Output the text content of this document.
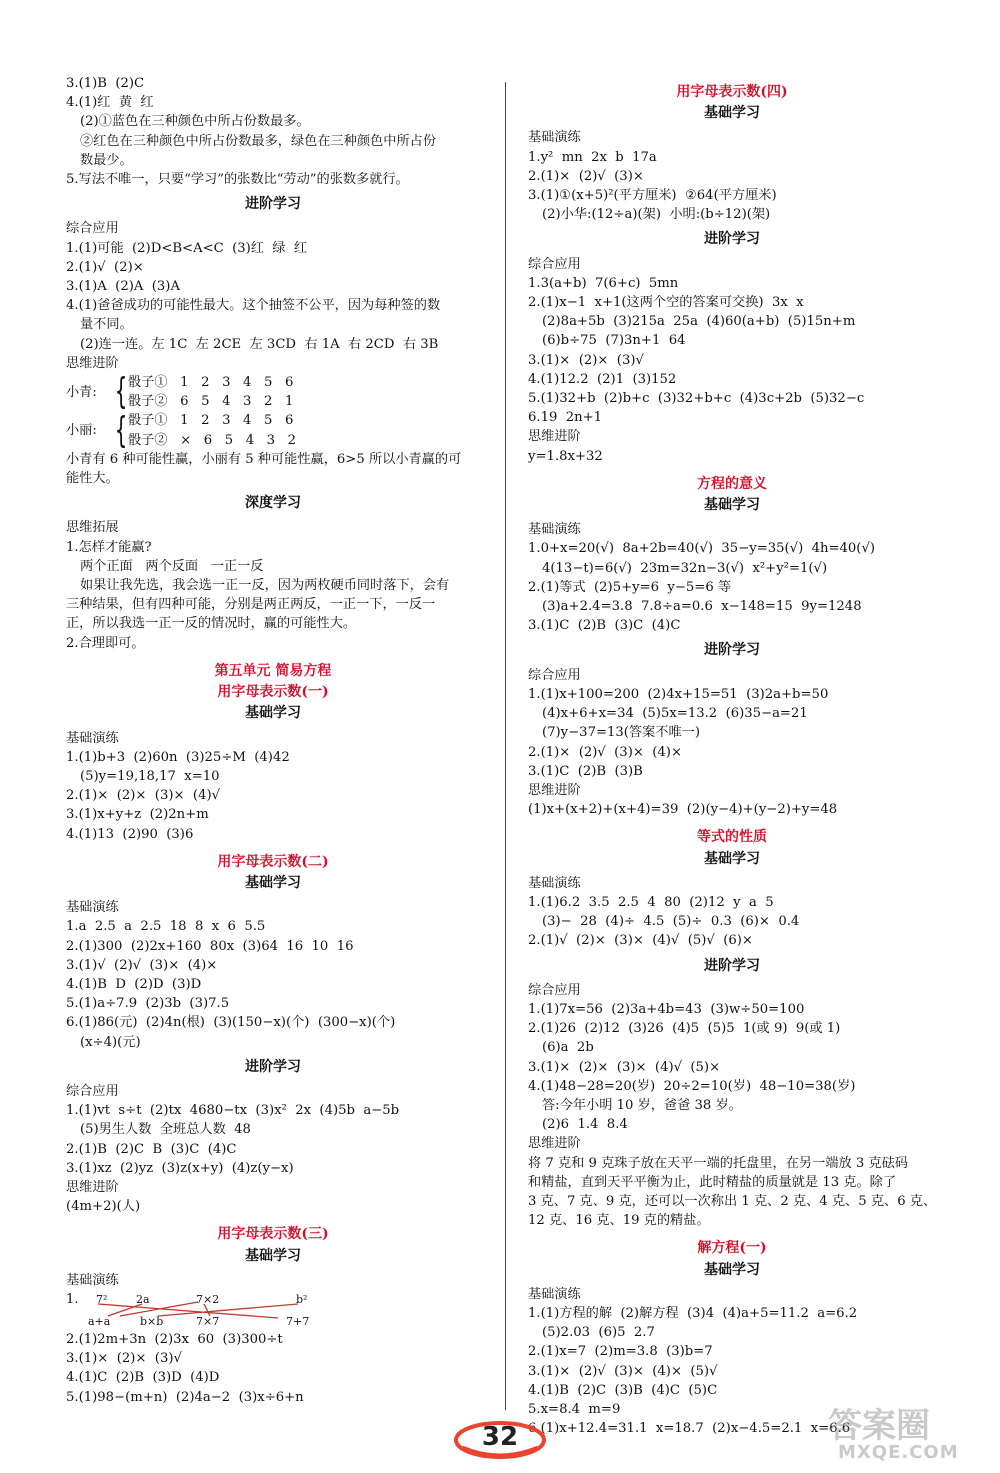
3.(1)B  (2)C
4.(1)红  黄  红
(2)①蓝色在三种颜色中所占份数最多。
②红色在三种颜色中所占份数最多，绿色在三种颜色中所占份
数最少。
5.写法不唯一，只要“学习”的张数比“劳动”的张数多就行。
进阶学习
综合应用
1.(1)可能  (2)D<B<A<C  (3)红  绿  红
2.(1)√  (2)×
3.(1)A  (2)A  (3)A
4.(1)爸爸成功的可能性最大。这个抽签不公平，因为每种签的数
量不同。
(2)连一连。左 1C  左 2CE  左 3CD  右 1A  右 2CD  右 3B
思维进阶
小青: { 骰子①   1   2   3   4   5   6
骰子②   6   5   4   3   2   1
小丽: { 骰子①   1   2   3   4   5   6
骰子②   ×   6   5   4   3   2
小青有 6 种可能性赢，小丽有 5 种可能性赢，6>5 所以小青赢的可
能性大。
深度学习
思维拓展
1.怎样才能赢?
两个正面   两个反面   一正一反
如果让我先选，我会选一正一反，因为两枚硬币同时落下，会有
三种结果，但有四种可能，分别是两正两反，一正一下，一反一
正，所以我选一正一反的情况时，赢的可能性大。
2.合理即可。
第五单元 简易方程
用字母表示数(一)
基础学习
基础演练
1.(1)b+3  (2)60n  (3)25÷M  (4)42
(5)y=19,18,17  x=10
2.(1)×  (2)×  (3)×  (4)√
3.(1)x+y+z  (2)2n+m
4.(1)13  (2)90  (3)6
用字母表示数(二)
基础学习
基础演练
1.a  2.5  a  2.5  18  8  x  6  5.5
2.(1)300  (2)2x+160  80x  (3)64  16  10  16
3.(1)√  (2)√  (3)×  (4)×
4.(1)B  D  (2)D  (3)D
5.(1)a÷7.9  (2)3b  (3)7.5
6.(1)86(元)  (2)4n(根)  (3)(150−x)(个)  (300−x)(个)
(x÷4)(元)
进阶学习
综合应用
1.(1)vt  s÷t  (2)tx  4680−tx  (3)x²  2x  (4)5b  a−5b
(5)男生人数  全班总人数  48
2.(1)B  (2)C  B  (3)C  (4)C
3.(1)xz  (2)yz  (3)z(x+y)  (4)z(y−x)
思维进阶
(4m+2)(人)
用字母表示数(三)
基础学习
基础演练
1. 7²	2a	7×2	b²
a+a	b×b	7×7	7+7
2.(1)2m+3n  (2)3x  60  (3)300÷t
3.(1)×  (2)×  (3)√
4.(1)C  (2)B  (3)D  (4)D
5.(1)98−(m+n)  (2)4a−2  (3)x÷6+n
用字母表示数(四)
基础学习
基础演练
1.y²  mn  2x  b  17a
2.(1)×  (2)√  (3)×
3.(1)①(x+5)²(平方厘米)  ②64(平方厘米)
(2)小华:(12÷a)(架)  小明:(b÷12)(架)
进阶学习
综合应用
1.3(a+b)  7(6+c)  5mn
2.(1)x−1  x+1(这两个空的答案可交换)  3x  x
(2)8a+5b  (3)215a  25a  (4)60(a+b)  (5)15n+m
(6)b÷75  (7)3n+1  64
3.(1)×  (2)×  (3)√
4.(1)12.2  (2)1  (3)152
5.(1)32+b  (2)b+c  (3)32+b+c  (4)3c+2b  (5)32−c
6.19  2n+1
思维进阶
y=1.8x+32
方程的意义
基础学习
基础演练
1.0+x=20(√)  8a+2b=40(√)  35−y=35(√)  4h=40(√)
4(13−t)=6(√)  23m=32n−3(√)  x²+y²=1(√)
2.(1)等式  (2)5+y=6  y−5=6 等
(3)a+2.4=3.8  7.8÷a=0.6  x−148=15  9y=1248
3.(1)C  (2)B  (3)C  (4)C
进阶学习
综合应用
1.(1)x+100=200  (2)4x+15=51  (3)2a+b=50
(4)x+6+x=34  (5)5x=13.2  (6)35−a=21
(7)y−37=13(答案不唯一)
2.(1)×  (2)√  (3)×  (4)×
3.(1)C  (2)B  (3)B
思维进阶
(1)x+(x+2)+(x+4)=39  (2)(y−4)+(y−2)+y=48
等式的性质
基础学习
基础演练
1.(1)6.2  3.5  2.5  4  80  (2)12  y  a  5
(3)−  28  (4)÷  4.5  (5)÷  0.3  (6)×  0.4
2.(1)√  (2)×  (3)×  (4)√  (5)√  (6)×
进阶学习
综合应用
1.(1)7x=56  (2)3a+4b=43  (3)w÷50=100
2.(1)26  (2)12  (3)26  (4)5  (5)5  1(或 9)  9(或 1)
(6)a  2b
3.(1)×  (2)×  (3)×  (4)√  (5)×
4.(1)48−28=20(岁)  20÷2=10(岁)  48−10=38(岁)
答:今年小明 10 岁，爸爸 38 岁。
(2)6  1.4  8.4
思维进阶
将 7 克和 9 克珠子放在天平一端的托盘里，在另一端放 3 克砝码
和精盐，直到天平平衡为止，此时精盐的质量就是 13 克。除了
3 克、7 克、9 克，还可以一次称出 1 克、2 克、4 克、5 克、6 克、
12 克、16 克、19 克的精盐。
解方程(一)
基础学习
基础演练
1.(1)方程的解  (2)解方程  (3)4  (4)a+5=11.2  a=6.2
(5)2.03  (6)5  2.7
2.(1)x=7  (2)m=3.8  (3)b=7
3.(1)×  (2)√  (3)×  (4)×  (5)√
4.(1)B  (2)C  (3)B  (4)C  (5)C
5.x=8.4  m=9
6.(1)x+12.4=31.1  x=18.7  (2)x−4.5=2.1  x=6.6
32	答案圈
MXQE.COM
